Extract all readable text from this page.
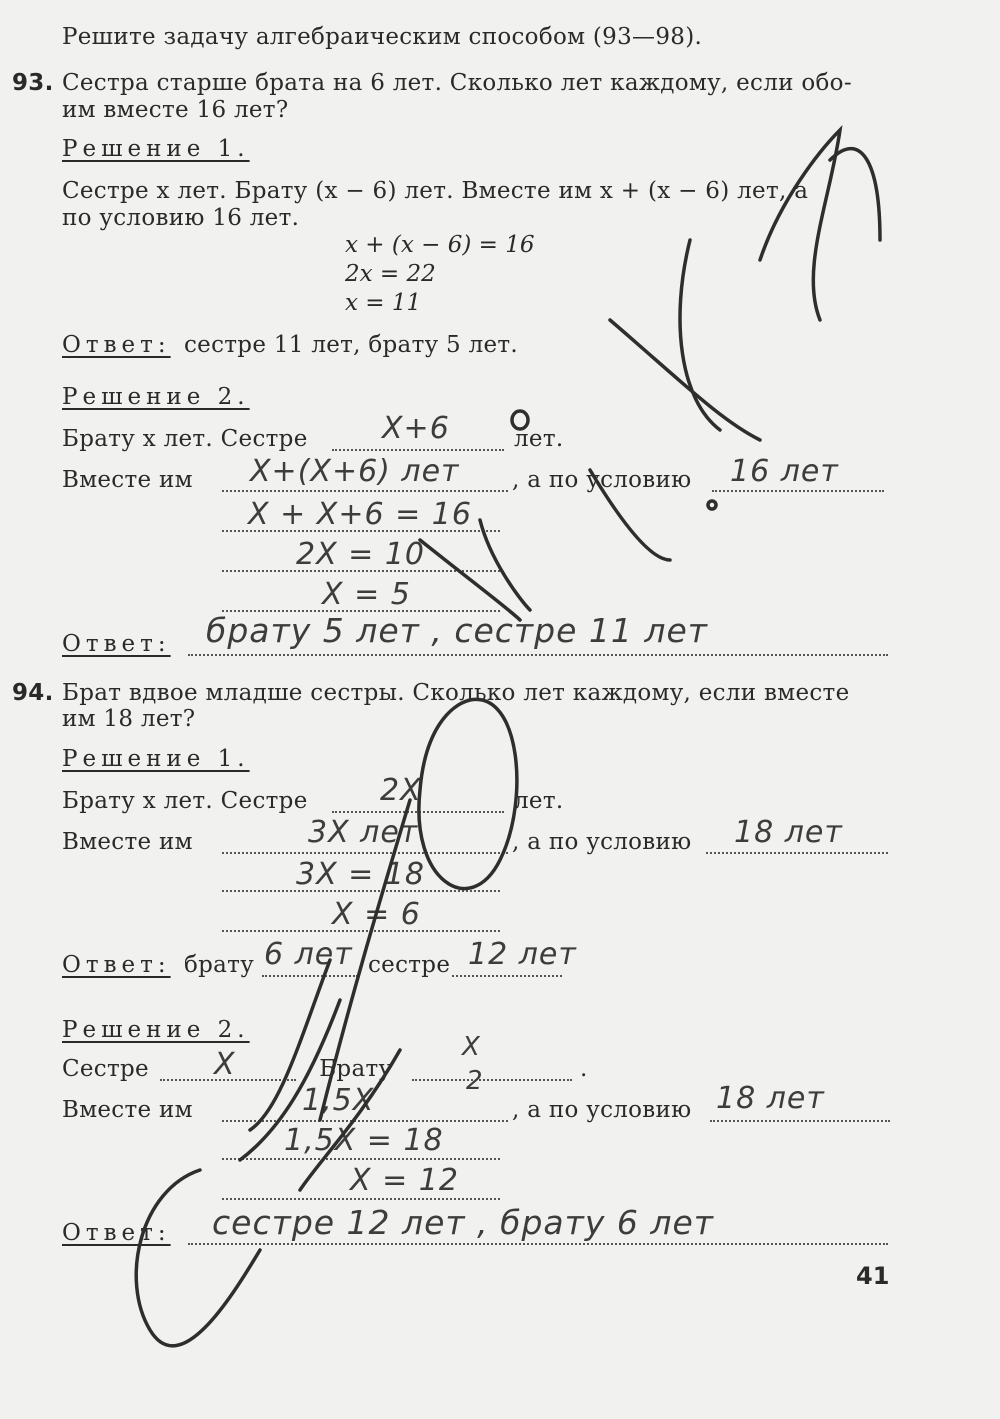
Решите задачу алгебраическим способом (93—98).
93. Сестра старше брата на 6 лет. Сколько лет каждому, если обо-
им вместе 16 лет?
Решение 1.
Сестре x лет. Брату (x − 6) лет. Вместе им x + (x − 6) лет, а
по условию 16 лет.
x + (x − 6) = 16
2x = 22
x = 11
Ответ: сестре 11 лет, брату 5 лет.
Решение 2.
Брату x лет. Сестре	лет.
Вместе им	, а по условию
Ответ:
X+6
X+(X+6) лет	16 лет
X + X+6 = 16
2X = 10
X = 5
брату 5 лет , сестре 11 лет
94. Брат вдвое младше сестры. Сколько лет каждому, если вместе
им 18 лет?
Решение 1.
Брату x лет. Сестре	лет.
Вместе им	, а по условию
Ответ: брату	сестре
2X
3X лет	18 лет
3X = 18
X = 6
6 лет	12 лет
Решение 2.
Сестре	. Брату	.
Вместе им	, а по условию
Ответ:
X	X
2
1,5X	18 лет
1,5X = 18
X = 12
сестре 12 лет , брату 6 лет
41
